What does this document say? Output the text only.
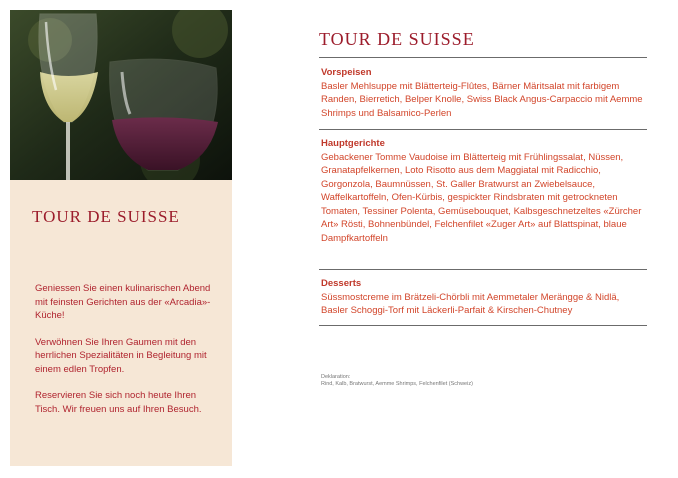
TOUR DE SUISSE

Geniessen Sie einen kulinarischen Abend mit feinsten Gerichten aus der «Arcadia»-Küche!

Verwöhnen Sie Ihren Gaumen mit den herrlichen Spezialitäten in Begleitung mit einem edlen Tropfen.

Reservieren Sie sich noch heute Ihren Tisch. Wir freuen uns auf Ihren Besuch.

TOUR DE SUISSE
Vorspeisen
Basler Mehlsuppe mit Blätterteig-Flûtes, Bärner Märitsalat mit farbigem Randen, Bierretich, Belper Knolle, Swiss Black Angus-Carpaccio mit Aemme Shrimps und Balsamico-Perlen
Hauptgerichte
Gebackener Tomme Vaudoise im Blätterteig mit Frühlingssalat, Nüssen, Granatapfelkernen, Loto Risotto aus dem Maggiatal mit Radicchio, Gorgonzola, Baumnüssen, St. Galler Bratwurst an Zwiebelsauce, Waffelkartoffeln, Ofen-Kürbis, gespickter Rindsbraten mit getrockneten Tomaten, Tessiner Polenta, Gemüsebouquet, Kalbsgeschnetzeltes «Zürcher Art» Rösti, Bohnenbündel, Felchenfilet «Zuger Art» auf Blattspinat, blaue Dampfkartoffeln
Desserts
Süssmostcreme im Brätzeli-Chörbli mit Aemmetaler Merängge & Nidlä, Basler Schoggi-Torf mit Läckerli-Parfait & Kirschen-Chutney
Deklaration:
Rind, Kalb, Bratwurst, Aemme Shrimps, Felchenfilet (Schweiz)
